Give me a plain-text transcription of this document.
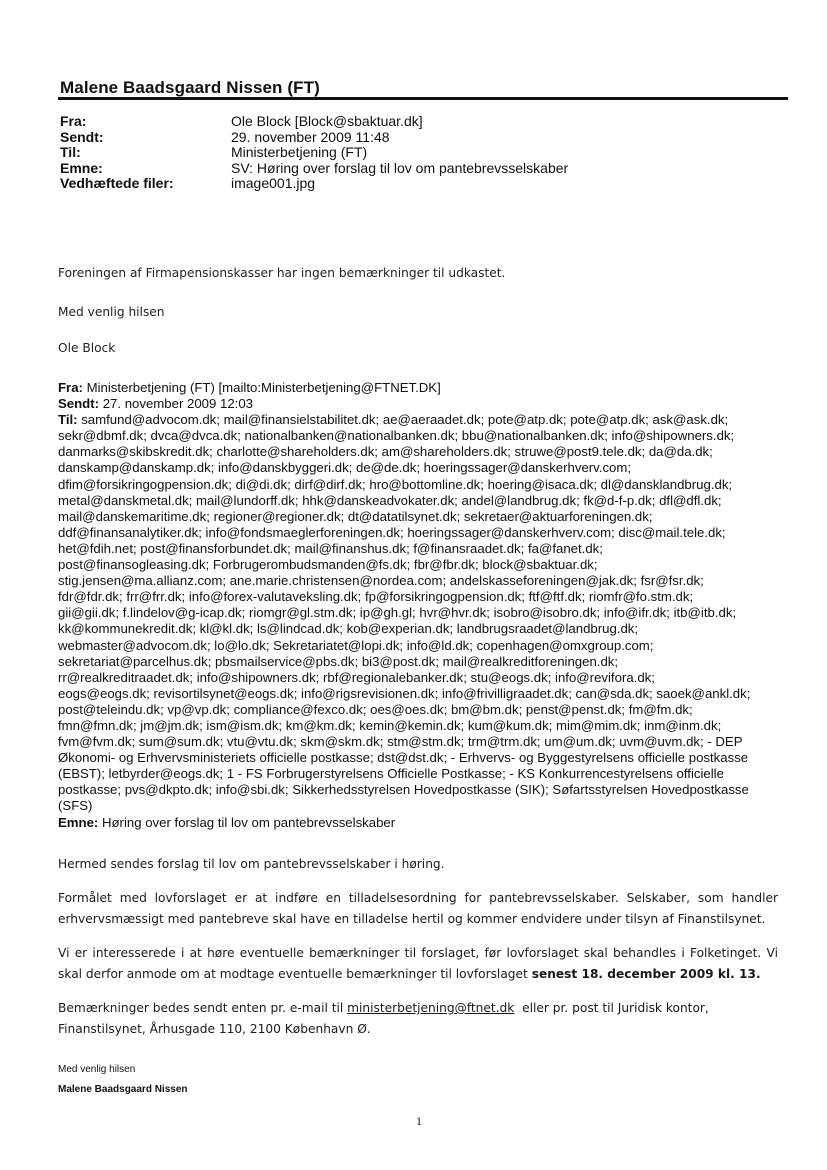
Malene Baadsgaard Nissen (FT)
Fra:	Ole Block [Block@sbaktuar.dk]
Sendt:	29. november 2009 11:48
Til:	Ministerbetjening (FT)
Emne:	SV: Høring over forslag til lov om pantebrevsselskaber
Vedhæftede filer:	image001.jpg
Foreningen af Firmapensionskasser har ingen bemærkninger til udkastet.
Med venlig hilsen
Ole Block
Fra: Ministerbetjening (FT) [mailto:Ministerbetjening@FTNET.DK]
Sendt: 27. november 2009 12:03
Til: samfund@advocom.dk; mail@finansielstabilitet.dk; ae@aeraadet.dk; pote@atp.dk; pote@atp.dk; ask@ask.dk;
sekr@dbmf.dk; dvca@dvca.dk; nationalbanken@nationalbanken.dk; bbu@nationalbanken.dk; info@shipowners.dk;
danmarks@skibskredit.dk; charlotte@shareholders.dk; am@shareholders.dk; struwe@post9.tele.dk; da@da.dk;
danskamp@danskamp.dk; info@danskbyggeri.dk; de@de.dk; hoeringssager@danskerhverv.com;
dfim@forsikringogpension.dk; di@di.dk; dirf@dirf.dk; hro@bottomline.dk; hoering@isaca.dk; dl@dansklandbrug.dk;
metal@danskmetal.dk; mail@lundorff.dk; hhk@danskeadvokater.dk; andel@landbrug.dk; fk@d-f-p.dk; dfl@dfl.dk;
mail@danskemaritime.dk; regioner@regioner.dk; dt@datatilsynet.dk; sekretaer@aktuarforeningen.dk;
ddf@finansanalytiker.dk; info@fondsmaeglerforeningen.dk; hoeringssager@danskerhverv.com; disc@mail.tele.dk;
het@fdih.net; post@finansforbundet.dk; mail@finanshus.dk; f@finansraadet.dk; fa@fanet.dk;
post@finansogleasing.dk; Forbrugerombudsmanden@fs.dk; fbr@fbr.dk; block@sbaktuar.dk;
stig.jensen@ma.allianz.com; ane.marie.christensen@nordea.com; andelskasseforeningen@jak.dk; fsr@fsr.dk;
fdr@fdr.dk; frr@frr.dk; info@forex-valutaveksling.dk; fp@forsikringogpension.dk; ftf@ftf.dk; riomfr@fo.stm.dk;
gii@gii.dk; f.lindelov@g-icap.dk; riomgr@gl.stm.dk; ip@gh.gl; hvr@hvr.dk; isobro@isobro.dk; info@ifr.dk; itb@itb.dk;
kk@kommunekredit.dk; kl@kl.dk; ls@lindcad.dk; kob@experian.dk; landbrugsraadet@landbrug.dk;
webmaster@advocom.dk; lo@lo.dk; Sekretariatet@lopi.dk; info@ld.dk; copenhagen@omxgroup.com;
sekretariat@parcelhus.dk; pbsmailservice@pbs.dk; bi3@post.dk; mail@realkreditforeningen.dk;
rr@realkreditraadet.dk; info@shipowners.dk; rbf@regionalebanker.dk; stu@eogs.dk; info@revifora.dk;
eogs@eogs.dk; revisortilsynet@eogs.dk; info@rigsrevisionen.dk; info@frivilligraadet.dk; can@sda.dk; saoek@ankl.dk;
post@teleindu.dk; vp@vp.dk; compliance@fexco.dk; oes@oes.dk; bm@bm.dk; penst@penst.dk; fm@fm.dk;
fmn@fmn.dk; jm@jm.dk; ism@ism.dk; km@km.dk; kemin@kemin.dk; kum@kum.dk; mim@mim.dk; inm@inm.dk;
fvm@fvm.dk; sum@sum.dk; vtu@vtu.dk; skm@skm.dk; stm@stm.dk; trm@trm.dk; um@um.dk; uvm@uvm.dk; - DEP
Økonomi- og Erhvervsministeriets officielle postkasse; dst@dst.dk; - Erhvervs- og Byggestyrelsens officielle postkasse
(EBST); letbyrder@eogs.dk; 1 - FS Forbrugerstyrelsens Officielle Postkasse; - KS Konkurrencestyrelsens officielle
postkasse; pvs@dkpto.dk; info@sbi.dk; Sikkerhedsstyrelsen Hovedpostkasse (SIK); Søfartsstyrelsen Hovedpostkasse
(SFS)
Emne: Høring over forslag til lov om pantebrevsselskaber

Hermed sendes forslag til lov om pantebrevsselskaber i høring.

Formålet med lovforslaget er at indføre en tilladelsesordning for pantebrevsselskaber. Selskaber, som handler
erhvervsmæssigt med pantebreve skal have en tilladelse hertil og kommer endvidere under tilsyn af Finanstilsynet.

Vi er interesserede i at høre eventuelle bemærkninger til forslaget, før lovforslaget skal behandles i Folketinget. Vi
skal derfor anmode om at modtage eventuelle bemærkninger til lovforslaget senest 18. december 2009 kl. 13.

Bemærkninger bedes sendt enten pr. e-mail til ministerbetjening@ftnet.dk  eller pr. post til Juridisk kontor,
Finanstilsynet, Århusgade 110, 2100 København Ø.

Med venlig hilsen
Malene Baadsgaard Nissen
1
